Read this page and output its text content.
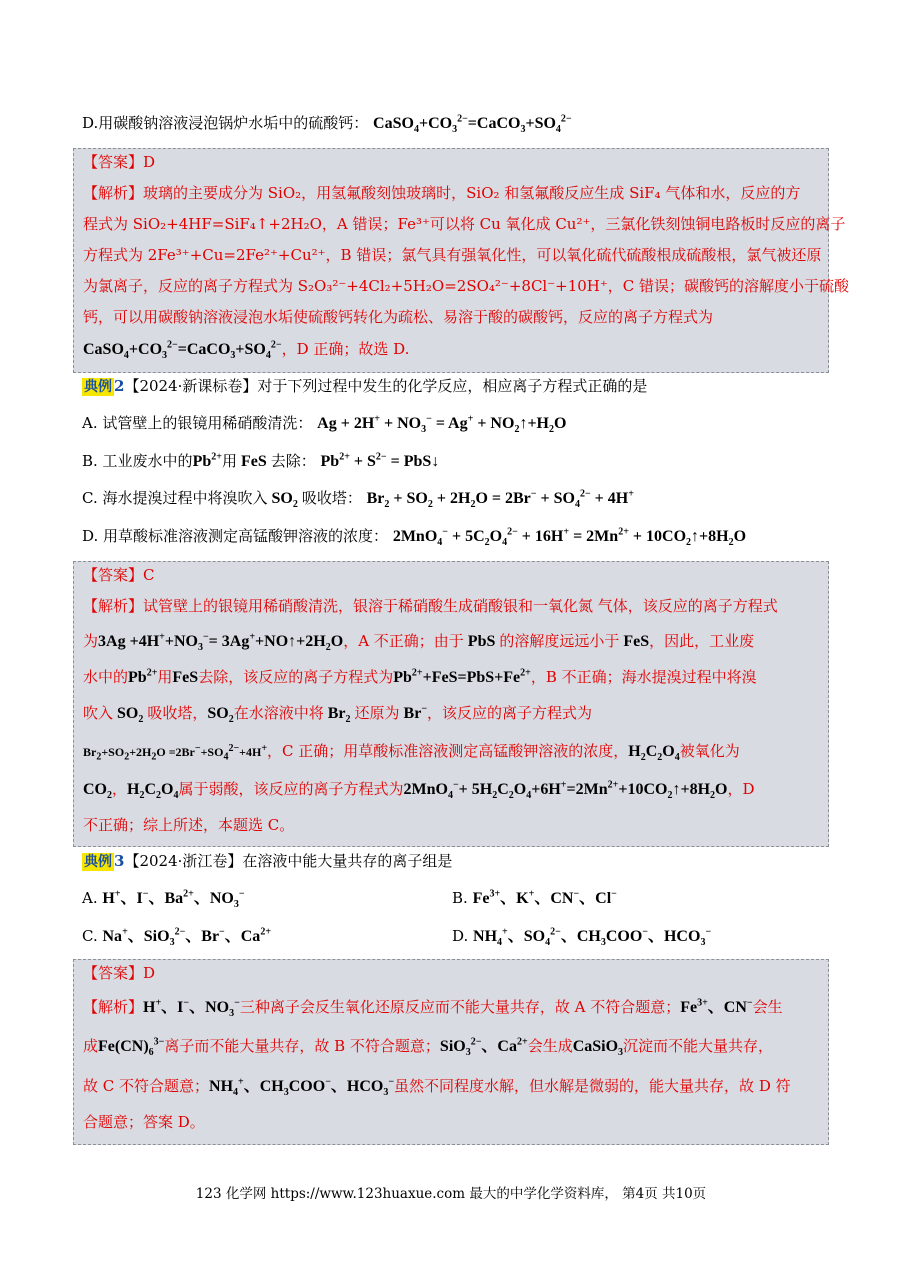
D.用碳酸钠溶液浸泡锅炉水垢中的硫酸钙： $CaSO_4+CO_3^{2-}=CaCO_3+SO_4^{2-}$
【答案】D
【解析】玻璃的主要成分为 SiO₂，用氢氟酸刻蚀玻璃时，SiO₂ 和氢氟酸反应生成 SiF₄ 气体和水，反应的方
程式为 SiO₂+4HF=SiF₄↑+2H₂O，A 错误；Fe³⁺可以将 Cu 氧化成 Cu²⁺，三氯化铁刻蚀铜电路板时反应的离子
方程式为 2Fe³⁺+Cu=2Fe²⁺+Cu²⁺，B 错误；氯气具有强氧化性，可以氧化硫代硫酸根成硫酸根，氯气被还原
为氯离子，反应的离子方程式为 S₂O₃²⁻+4Cl₂+5H₂O=2SO₄²⁻+8Cl⁻+10H⁺，C 错误；碳酸钙的溶解度小于硫酸
钙，可以用碳酸钠溶液浸泡水垢使硫酸钙转化为疏松、易溶于酸的碳酸钙，反应的离子方程式为
$CaSO_4+CO_3^{2-}=CaCO_3+SO_4^{2-}$，D 正确；故选 D.
典例 2【2024·新课标卷】对于下列过程中发生的化学反应，相应离子方程式正确的是
A. 试管壁上的银镜用稀硝酸清洗： $Ag + 2H^+ + NO_3^- = Ag^+$ + $NO_2↑+H_2O$
B. 工业废水中的$Pb^{2+}$用 FeS 去除： $Pb^{2+} + S^{2-}$ = PbS↓
C. 海水提溴过程中将溴吹入 $SO_2$ 吸收塔： $Br_2 + SO_2 + 2H_2O = 2Br^- + SO_4^{2-} + 4H^+$
D. 用草酸标准溶液测定高锰酸钾溶液的浓度： $2MnO_4^- + 5C_2O_4^{2-} + 16H^+ = 2Mn^{2+}$ + $10CO_2↑+8H_2O$
【答案】C
【解析】试管壁上的银镜用稀硝酸清洗，银溶于稀硝酸生成硝酸银和一氧化氮 气体，该反应的离子方程式
为$3Ag +4H^++NO_3^-=$ $3Ag^++NO↑+2H_2O$，A 不正确；由于 PbS 的溶解度远远小于 FeS，因此，工业废
水中的$Pb^{2+}$用FeS去除，该反应的离子方程式为$Pb^{2+}+FeS=PbS+Fe^{2+}$，B 不正确；海水提溴过程中将溴
吹入 $SO_2$ 吸收塔，$SO_2$在水溶液中将 $Br_2$ 还原为 Br−，该反应的离子方程式为
$Br_2+SO_2+2H_2O =2Br^-+SO_4^{2-}+4H^+$，C 正确；用草酸标准溶液测定高锰酸钾溶液的浓度，$H_2C_2O_4$被氧化为
$CO_2$，$H_2C_2O_4$属于弱酸，该反应的离子方程式为$2MnO_4^-+ 5H_2C_2O_4+6H^+=2Mn^{2+}+10CO_2↑+8H_2O$，D
不正确；综上所述，本题选 C。
典例 3【2024·浙江卷】在溶液中能大量共存的离子组是
A. H+、I−、$Ba^{2+}$、$NO_3^-$	B. $Fe^{3+}$、K+、CN−、Cl−
C. Na+、SiO$_3^{2-}$、Br−、$Ca^{2+}$	D. $NH_4^+$、$SO_4^{2-}$、$CH_3COO^-$、$HCO_3^-$
【答案】D
【解析】H+、I−、$NO_3^-$三种离子会反生氧化还原反应而不能大量共存，故 A 不符合题意；$Fe^{3+}$、CN−会生
成$Fe(CN)_6^{3-}$离子而不能大量共存，故 B 不符合题意；SiO$_3^{2-}$、$Ca^{2+}$会生成CaSiO$_3$沉淀而不能大量共存，
故 C 不符合题意；$NH_4^+$、$CH_3COO^-$、$HCO_3^-$虽然不同程度水解，但水解是微弱的，能大量共存，故 D 符
合题意；答案 D。
123 化学网 https://www.123huaxue.com 最大的中学化学资料库， 第4页 共10页
